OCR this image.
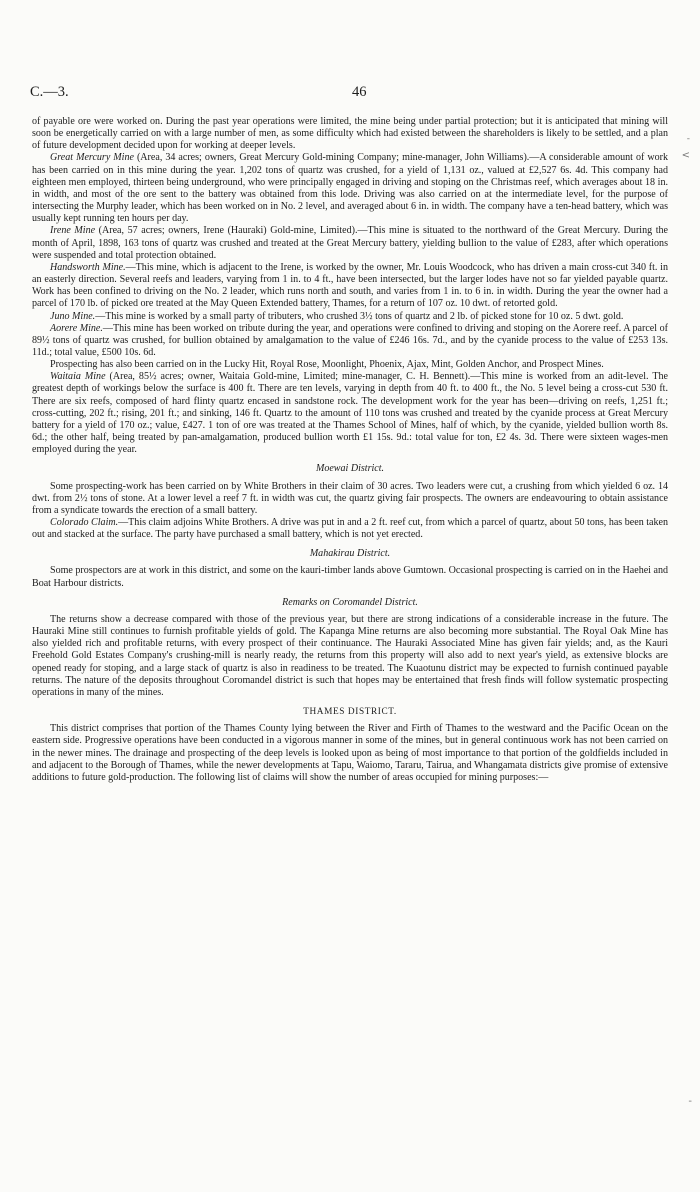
C.—3.	46

of payable ore were worked on. During the past year operations were limited, the mine being under partial protection; but it is anticipated that mining will soon be energetically carried on with a large number of men, as some difficulty which had existed between the shareholders is likely to be settled, and a plan of future development decided upon for working at deeper levels.

Great Mercury Mine (Area, 34 acres; owners, Great Mercury Gold-mining Company; mine-manager, John Williams).—A considerable amount of work has been carried on in this mine during the year. 1,202 tons of quartz was crushed, for a yield of 1,131 oz., valued at £2,527 6s. 4d. This company had eighteen men employed, thirteen being underground, who were principally engaged in driving and stoping on the Christmas reef, which averages about 18 in. in width, and most of the ore sent to the battery was obtained from this lode. Driving was also carried on at the intermediate level, for the purpose of intersecting the Murphy leader, which has been worked on in No. 2 level, and averaged about 6 in. in width. The company have a ten-head battery, which was usually kept running ten hours per day.

Irene Mine (Area, 57 acres; owners, Irene (Hauraki) Gold-mine, Limited).—This mine is situated to the northward of the Great Mercury. During the month of April, 1898, 163 tons of quartz was crushed and treated at the Great Mercury battery, yielding bullion to the value of £283, after which operations were suspended and total protection obtained.

Handsworth Mine.—This mine, which is adjacent to the Irene, is worked by the owner, Mr. Louis Woodcock, who has driven a main cross-cut 340 ft. in an easterly direction. Several reefs and leaders, varying from 1 in. to 4 ft., have been intersected, but the larger lodes have not so far yielded payable quartz. Work has been confined to driving on the No. 2 leader, which runs north and south, and varies from 1 in. to 6 in. in width. During the year the owner had a parcel of 170 lb. of picked ore treated at the May Queen Extended battery, Thames, for a return of 107 oz. 10 dwt. of retorted gold.

Juno Mine.—This mine is worked by a small party of tributers, who crushed 3½ tons of quartz and 2 lb. of picked stone for 10 oz. 5 dwt. gold.

Aorere Mine.—This mine has been worked on tribute during the year, and operations were confined to driving and stoping on the Aorere reef. A parcel of 89½ tons of quartz was crushed, for bullion obtained by amalgamation to the value of £246 16s. 7d., and by the cyanide process to the value of £253 13s. 11d.; total value, £500 10s. 6d.

Prospecting has also been carried on in the Lucky Hit, Royal Rose, Moonlight, Phoenix, Ajax, Mint, Golden Anchor, and Prospect Mines.

Waitaia Mine (Area, 85½ acres; owner, Waitaia Gold-mine, Limited; mine-manager, C. H. Bennett).—This mine is worked from an adit-level. The greatest depth of workings below the surface is 400 ft. There are ten levels, varying in depth from 40 ft. to 400 ft., the No. 5 level being a cross-cut 530 ft. There are six reefs, composed of hard flinty quartz encased in sandstone rock. The development work for the year has been—driving on reefs, 1,251 ft.; cross-cutting, 202 ft.; rising, 201 ft.; and sinking, 146 ft. Quartz to the amount of 110 tons was crushed and treated by the cyanide process at Great Mercury battery for a yield of 170 oz.; value, £427. 1 ton of ore was treated at the Thames School of Mines, half of which, by the cyanide, yielded bullion worth 8s. 6d.; the other half, being treated by pan-amalgamation, produced bullion worth £1 15s. 9d.: total value for ton, £2 4s. 3d. There were sixteen wages-men employed during the year.

Moewai District.

Some prospecting-work has been carried on by White Brothers in their claim of 30 acres. Two leaders were cut, a crushing from which yielded 6 oz. 14 dwt. from 2½ tons of stone. At a lower level a reef 7 ft. in width was cut, the quartz giving fair prospects. The owners are endeavouring to obtain assistance from a syndicate towards the erection of a small battery.

Colorado Claim.—This claim adjoins White Brothers. A drive was put in and a 2 ft. reef cut, from which a parcel of quartz, about 50 tons, has been taken out and stacked at the surface. The party have purchased a small battery, which is not yet erected.

Mahakirau District.

Some prospectors are at work in this district, and some on the kauri-timber lands above Gumtown. Occasional prospecting is carried on in the Haehei and Boat Harbour districts.

Remarks on Coromandel District.

The returns show a decrease compared with those of the previous year, but there are strong indications of a considerable increase in the future. The Hauraki Mine still continues to furnish profitable yields of gold. The Kapanga Mine returns are also becoming more substantial. The Royal Oak Mine has also yielded rich and profitable returns, with every prospect of their continuance. The Hauraki Associated Mine has given fair yields; and, as the Kauri Freehold Gold Estates Company's crushing-mill is nearly ready, the returns from this property will also add to next year's yield, as extensive blocks are opened ready for stoping, and a large stack of quartz is also in readiness to be treated. The Kuaotunu district may be expected to furnish continued payable returns. The nature of the deposits throughout Coromandel district is such that hopes may be entertained that fresh finds will follow systematic prospecting operations in many of the mines.

THAMES DISTRICT.

This district comprises that portion of the Thames County lying between the River and Firth of Thames to the westward and the Pacific Ocean on the eastern side. Progressive operations have been conducted in a vigorous manner in some of the mines, but in general continuous work has not been carried on in the newer mines. The drainage and prospecting of the deep levels is looked upon as being of most importance to that portion of the goldfields included in and adjacent to the Borough of Thames, while the newer developments at Tapu, Waiomo, Tararu, Tairua, and Whangamata districts give promise of extensive additions to future gold-production. The following list of claims will show the number of areas occupied for mining purposes:—

-
<
-
